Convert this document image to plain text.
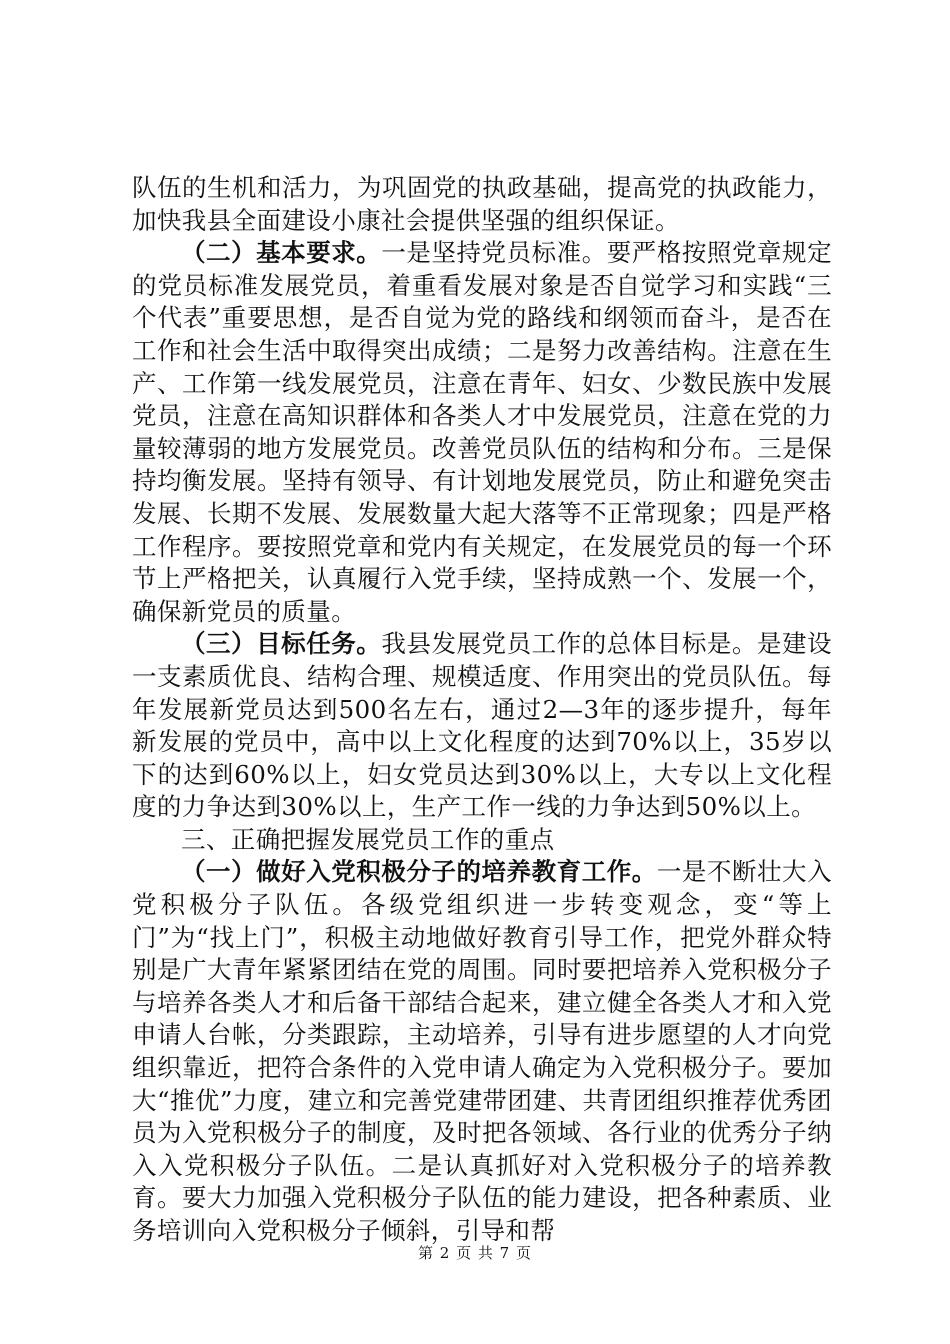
队伍的生机和活力，为巩固党的执政基础，提高党的执政能力，加快我县全面建设小康社会提供坚强的组织保证。

（二）基本要求。一是坚持党员标准。要严格按照党章规定的党员标准发展党员，着重看发展对象是否自觉学习和实践“三个代表”重要思想，是否自觉为党的路线和纲领而奋斗，是否在工作和社会生活中取得突出成绩；二是努力改善结构。注意在生产、工作第一线发展党员，注意在青年、妇女、少数民族中发展党员，注意在高知识群体和各类人才中发展党员，注意在党的力量较薄弱的地方发展党员。改善党员队伍的结构和分布。三是保持均衡发展。坚持有领导、有计划地发展党员，防止和避免突击发展、长期不发展、发展数量大起大落等不正常现象；四是严格工作程序。要按照党章和党内有关规定，在发展党员的每一个环节上严格把关，认真履行入党手续，坚持成熟一个、发展一个，确保新党员的质量。

（三）目标任务。我县发展党员工作的总体目标是。是建设一支素质优良、结构合理、规模适度、作用突出的党员队伍。每年发展新党员达到500名左右，通过2—3年的逐步提升，每年新发展的党员中，高中以上文化程度的达到70%以上，35岁以下的达到60%以上，妇女党员达到30%以上，大专以上文化程度的力争达到30%以上，生产工作一线的力争达到50%以上。

三、正确把握发展党员工作的重点

（一）做好入党积极分子的培养教育工作。一是不断壮大入党积极分子队伍。各级党组织进一步转变观念，变“等上门”为“找上门”，积极主动地做好教育引导工作，把党外群众特别是广大青年紧紧团结在党的周围。同时要把培养入党积极分子与培养各类人才和后备干部结合起来，建立健全各类人才和入党申请人台帐，分类跟踪，主动培养，引导有进步愿望的人才向党组织靠近，把符合条件的入党申请人确定为入党积极分子。要加大“推优”力度，建立和完善党建带团建、共青团组织推荐优秀团员为入党积极分子的制度，及时把各领域、各行业的优秀分子纳入入党积极分子队伍。二是认真抓好对入党积极分子的培养教育。要大力加强入党积极分子队伍的能力建设，把各种素质、业务培训向入党积极分子倾斜，引导和帮

第 2 页 共 7 页
